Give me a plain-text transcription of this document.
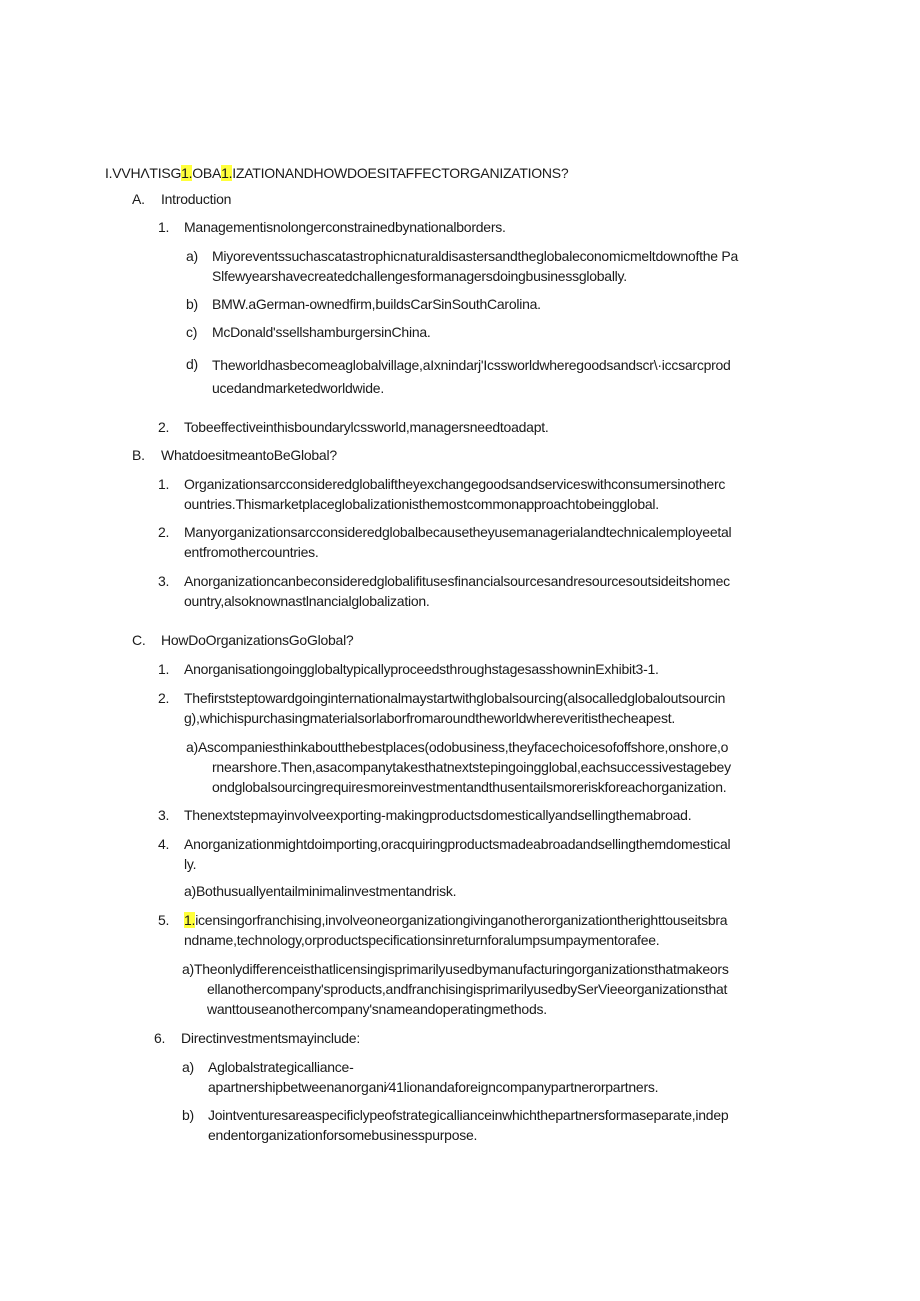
I.VVHΛTISG1.OBA1.IZATIONANDHOWDOESITAFFECTORGANIZATIONS?
A. Introduction
1. Managementisnolongerconstrainedbynationalborders.
a) Miyoreventssuchascatastrophicnaturaldisastersandtheglobaleconomicmeltdownofthe Pa
Slfewyearshavecreatedchallengesformanagersdoingbusinessglobally.
b) BMW.aGerman-ownedfirm,buildsCarSinSouthCarolina.
c) McDonald'ssellshamburgersinChina.
d) Theworldhasbecomeaglobalvillage,aIxnindarj'Icssworldwheregoodsandscr\·iccsarcprod
ucedandmarketedworldwide.
2. Tobeeffectiveinthisboundarylcssworld,managersneedtoadapt.
B. WhatdoesitmeantoBeGlobal?
1. Organizationsarcconsideredglobaliftheyexchangegoodsandserviceswithconsumersinotherc
ountries.Thismarketplaceglobalizationisthemostcommonapproachtobeingglobal.
2. Manyorganizationsarcconsideredglobalbecausetheyusemanagerialandtechnicalemployeetal
entfromothercountries.
3. Anorganizationcanbeconsideredglobalifitusesfinancialsourcesandresourcesoutsideitshomec
ountry,alsoknownastlnancialglobalization.
C. HowDoOrganizationsGoGlobal?
1. AnorganisationgoingglobaltypicallyproceedsthroughstagesasshowninExhibit3-1.
2. Thefirststeptowardgoinginternationalmaystartwithglobalsourcing(alsocalledglobaloutsourcin
g),whichispurchasingmaterialsorlaborfromaroundtheworldwhereveritisthecheapest.
a)Ascompaniesthinkaboutthebestplaces(odobusiness,theyfacechoicesofoffshore,onshore,o
rnearshore.Then,asacompanytakesthatnextstepingoingglobal,eachsuccessivestagebey
ondglobalsourcingrequiresmoreinvestmentandthusentailsmoreriskforeachorganization.
3. Thenextstepmayinvolveexporting-makingproductsdomesticallyandsellingthemabroad.
4. Anorganizationmightdoimporting,oracquiringproductsmadeabroadandsellingthemdomestical
ly.
a)Bothusuallyentailminimalinvestmentandrisk.
5. 1.icensingorfranchising,involveoneorganizationgivinganotherorganizationtherighttouseitsbra
ndname,technology,orproductspecificationsinreturnforalumpsumpaymentorafee.
a)Theonlydifferenceisthatlicensingisprimarilyusedbymanufacturingorganizationsthatmakeors
ellanothercompany'sproducts,andfranchisingisprimarilyusedbySerVieeorganizationsthat
wanttouseanothercompany'snameandoperatingmethods.
6. Directinvestmentsmayinclude:
a) Aglobalstrategicalliance-
apartnershipbetweenanorgani⁄41lionandaforeigncompanypartnerorpartners.
b) Jointventuresareaspecificlypeofstrategicallianceinwhichthepartnersformaseparate,indep
endentorganizationforsomebusinesspurpose.
